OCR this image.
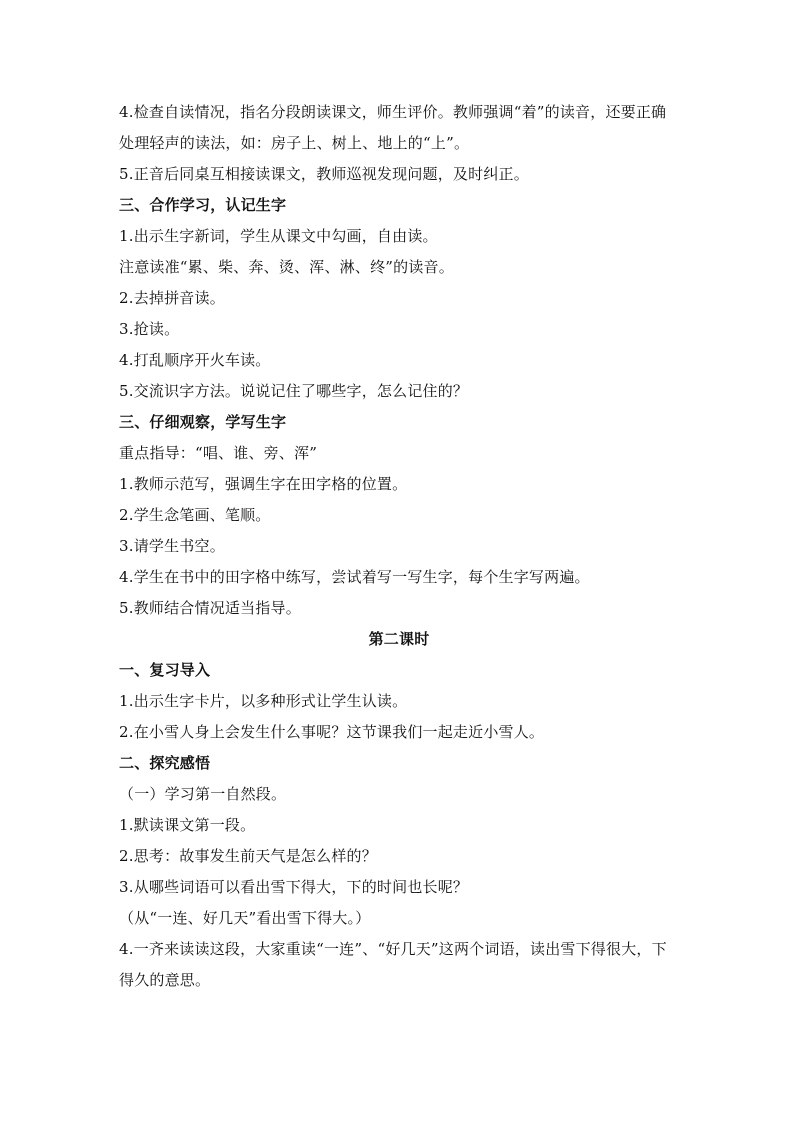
4.检查自读情况，指名分段朗读课文，师生评价。教师强调“着”的读音，还要正确处理轻声的读法，如：房子上、树上、地上的“上”。
5.正音后同桌互相接读课文，教师巡视发现问题，及时纠正。
三、合作学习，认记生字
1.出示生字新词，学生从课文中勾画，自由读。
注意读准“累、柴、奔、烫、浑、淋、终”的读音。
2.去掉拼音读。
3.抢读。
4.打乱顺序开火车读。
5.交流识字方法。说说记住了哪些字，怎么记住的？
三、仔细观察，学写生字
重点指导：“唱、谁、旁、浑”
1.教师示范写，强调生字在田字格的位置。
2.学生念笔画、笔顺。
3.请学生书空。
4.学生在书中的田字格中练写，尝试着写一写生字，每个生字写两遍。
5.教师结合情况适当指导。
第二课时
一、复习导入
1.出示生字卡片，以多种形式让学生认读。
2.在小雪人身上会发生什么事呢？这节课我们一起走近小雪人。
二、探究感悟
（一）学习第一自然段。
1.默读课文第一段。
2.思考：故事发生前天气是怎么样的？
3.从哪些词语可以看出雪下得大，下的时间也长呢？
（从“一连、好几天”看出雪下得大。）
4.一齐来读读这段，大家重读“一连”、“好几天”这两个词语，读出雪下得很大，下得久的意思。
